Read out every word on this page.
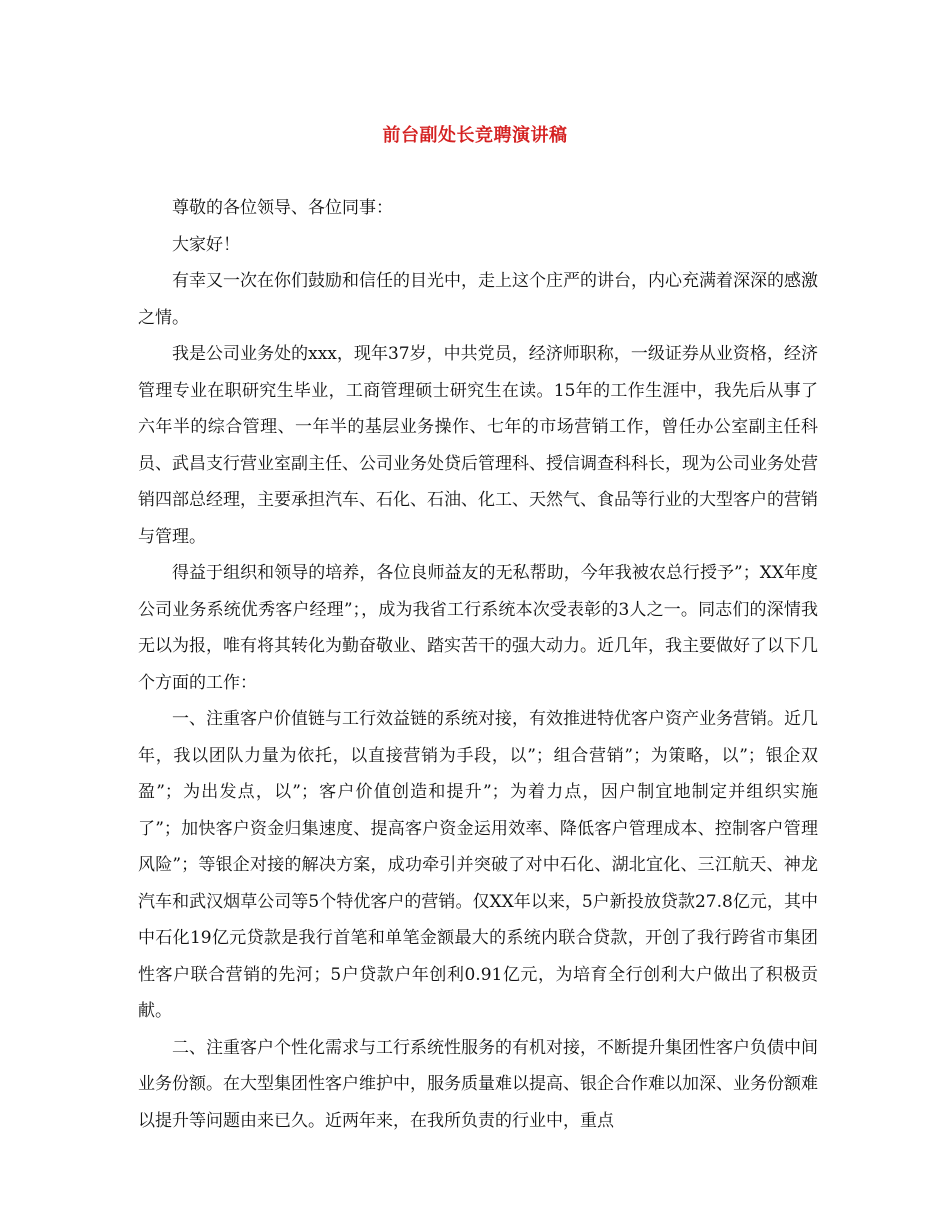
前台副处长竞聘演讲稿

尊敬的各位领导、各位同事：

大家好！

有幸又一次在你们鼓励和信任的目光中，走上这个庄严的讲台，内心充满着深深的感激之情。

我是公司业务处的xxx，现年37岁，中共党员，经济师职称，一级证券从业资格，经济管理专业在职研究生毕业，工商管理硕士研究生在读。15年的工作生涯中，我先后从事了六年半的综合管理、一年半的基层业务操作、七年的市场营销工作，曾任办公室副主任科员、武昌支行营业室副主任、公司业务处贷后管理科、授信调查科科长，现为公司业务处营销四部总经理，主要承担汽车、石化、石油、化工、天然气、食品等行业的大型客户的营销与管理。

得益于组织和领导的培养，各位良师益友的无私帮助，今年我被农总行授予”；XX年度公司业务系统优秀客户经理”；，成为我省工行系统本次受表彰的3人之一。同志们的深情我无以为报，唯有将其转化为勤奋敬业、踏实苦干的强大动力。近几年，我主要做好了以下几个方面的工作：

一、注重客户价值链与工行效益链的系统对接，有效推进特优客户资产业务营销。近几年，我以团队力量为依托，以直接营销为手段，以”；组合营销”；为策略，以”；银企双盈”；为出发点，以”；客户价值创造和提升”；为着力点，因户制宜地制定并组织实施了”；加快客户资金归集速度、提高客户资金运用效率、降低客户管理成本、控制客户管理风险”；等银企对接的解决方案，成功牵引并突破了对中石化、湖北宜化、三江航天、神龙汽车和武汉烟草公司等5个特优客户的营销。仅XX年以来，5户新投放贷款27.8亿元，其中中石化19亿元贷款是我行首笔和单笔金额最大的系统内联合贷款，开创了我行跨省市集团性客户联合营销的先河；5户贷款户年创利0.91亿元，为培育全行创利大户做出了积极贡献。

二、注重客户个性化需求与工行系统性服务的有机对接，不断提升集团性客户负债中间业务份额。在大型集团性客户维护中，服务质量难以提高、银企合作难以加深、业务份额难以提升等问题由来已久。近两年来，在我所负责的行业中，重点
